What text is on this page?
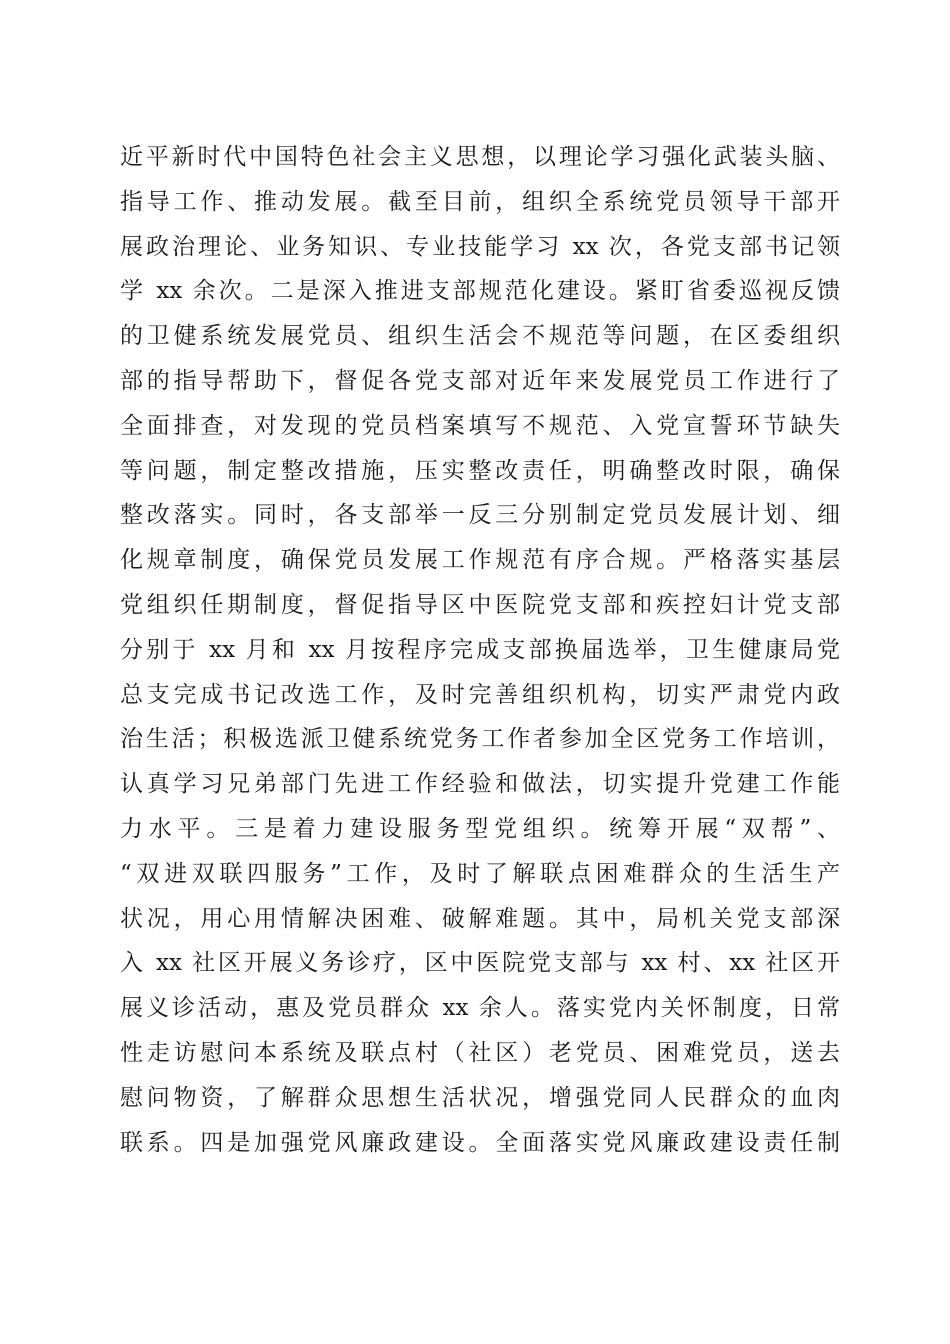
近平新时代中国特色社会主义思想，以理论学习强化武装头脑、
指导工作、推动发展。截至目前，组织全系统党员领导干部开
展政治理论、业务知识、专业技能学习 xx 次，各党支部书记领
学 xx 余次。二是深入推进支部规范化建设。紧盯省委巡视反馈
的卫健系统发展党员、组织生活会不规范等问题，在区委组织
部的指导帮助下，督促各党支部对近年来发展党员工作进行了
全面排查，对发现的党员档案填写不规范、入党宣誓环节缺失
等问题，制定整改措施，压实整改责任，明确整改时限，确保
整改落实。同时，各支部举一反三分别制定党员发展计划、细
化规章制度，确保党员发展工作规范有序合规。严格落实基层
党组织任期制度，督促指导区中医院党支部和疾控妇计党支部
分别于 xx 月和 xx 月按程序完成支部换届选举，卫生健康局党
总支完成书记改选工作，及时完善组织机构，切实严肃党内政
治生活；积极选派卫健系统党务工作者参加全区党务工作培训，
认真学习兄弟部门先进工作经验和做法，切实提升党建工作能
力水平。三是着力建设服务型党组织。统筹开展“双帮”、
“双进双联四服务”工作，及时了解联点困难群众的生活生产
状况，用心用情解决困难、破解难题。其中，局机关党支部深
入 xx 社区开展义务诊疗，区中医院党支部与 xx 村、xx 社区开
展义诊活动，惠及党员群众 xx 余人。落实党内关怀制度，日常
性走访慰问本系统及联点村（社区）老党员、困难党员，送去
慰问物资，了解群众思想生活状况，增强党同人民群众的血肉
联系。四是加强党风廉政建设。全面落实党风廉政建设责任制
